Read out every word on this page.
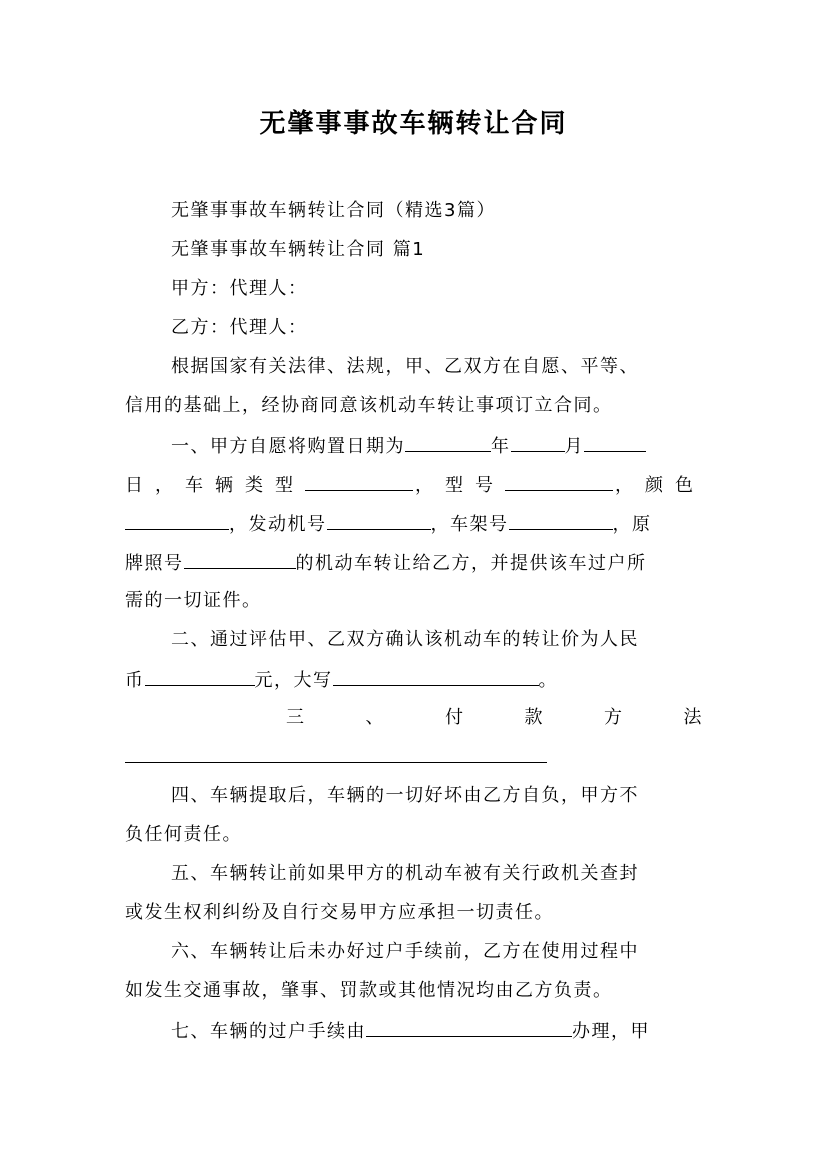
无肇事事故车辆转让合同
无肇事事故车辆转让合同（精选3篇）
无肇事事故车辆转让合同 篇1
甲方：代理人：
乙方：代理人：
根据国家有关法律、法规，甲、乙双方在自愿、平等、
信用的基础上，经协商同意该机动车转让事项订立合同。
一、甲方自愿将购置日期为	年	月
日，车辆类型	，型号	，颜色
，发动机号	，车架号	，原
牌照号	的机动车转让给乙方，并提供该车过户所
需的一切证件。
二、通过评估甲、乙双方确认该机动车的转让价为人民
币	元，大写	。
三	、	付	款	方	法
四、车辆提取后，车辆的一切好坏由乙方自负，甲方不
负任何责任。
五、车辆转让前如果甲方的机动车被有关行政机关查封
或发生权利纠纷及自行交易甲方应承担一切责任。
六、车辆转让后未办好过户手续前，乙方在使用过程中
如发生交通事故，肇事、罚款或其他情况均由乙方负责。
七、车辆的过户手续由	办理，甲
